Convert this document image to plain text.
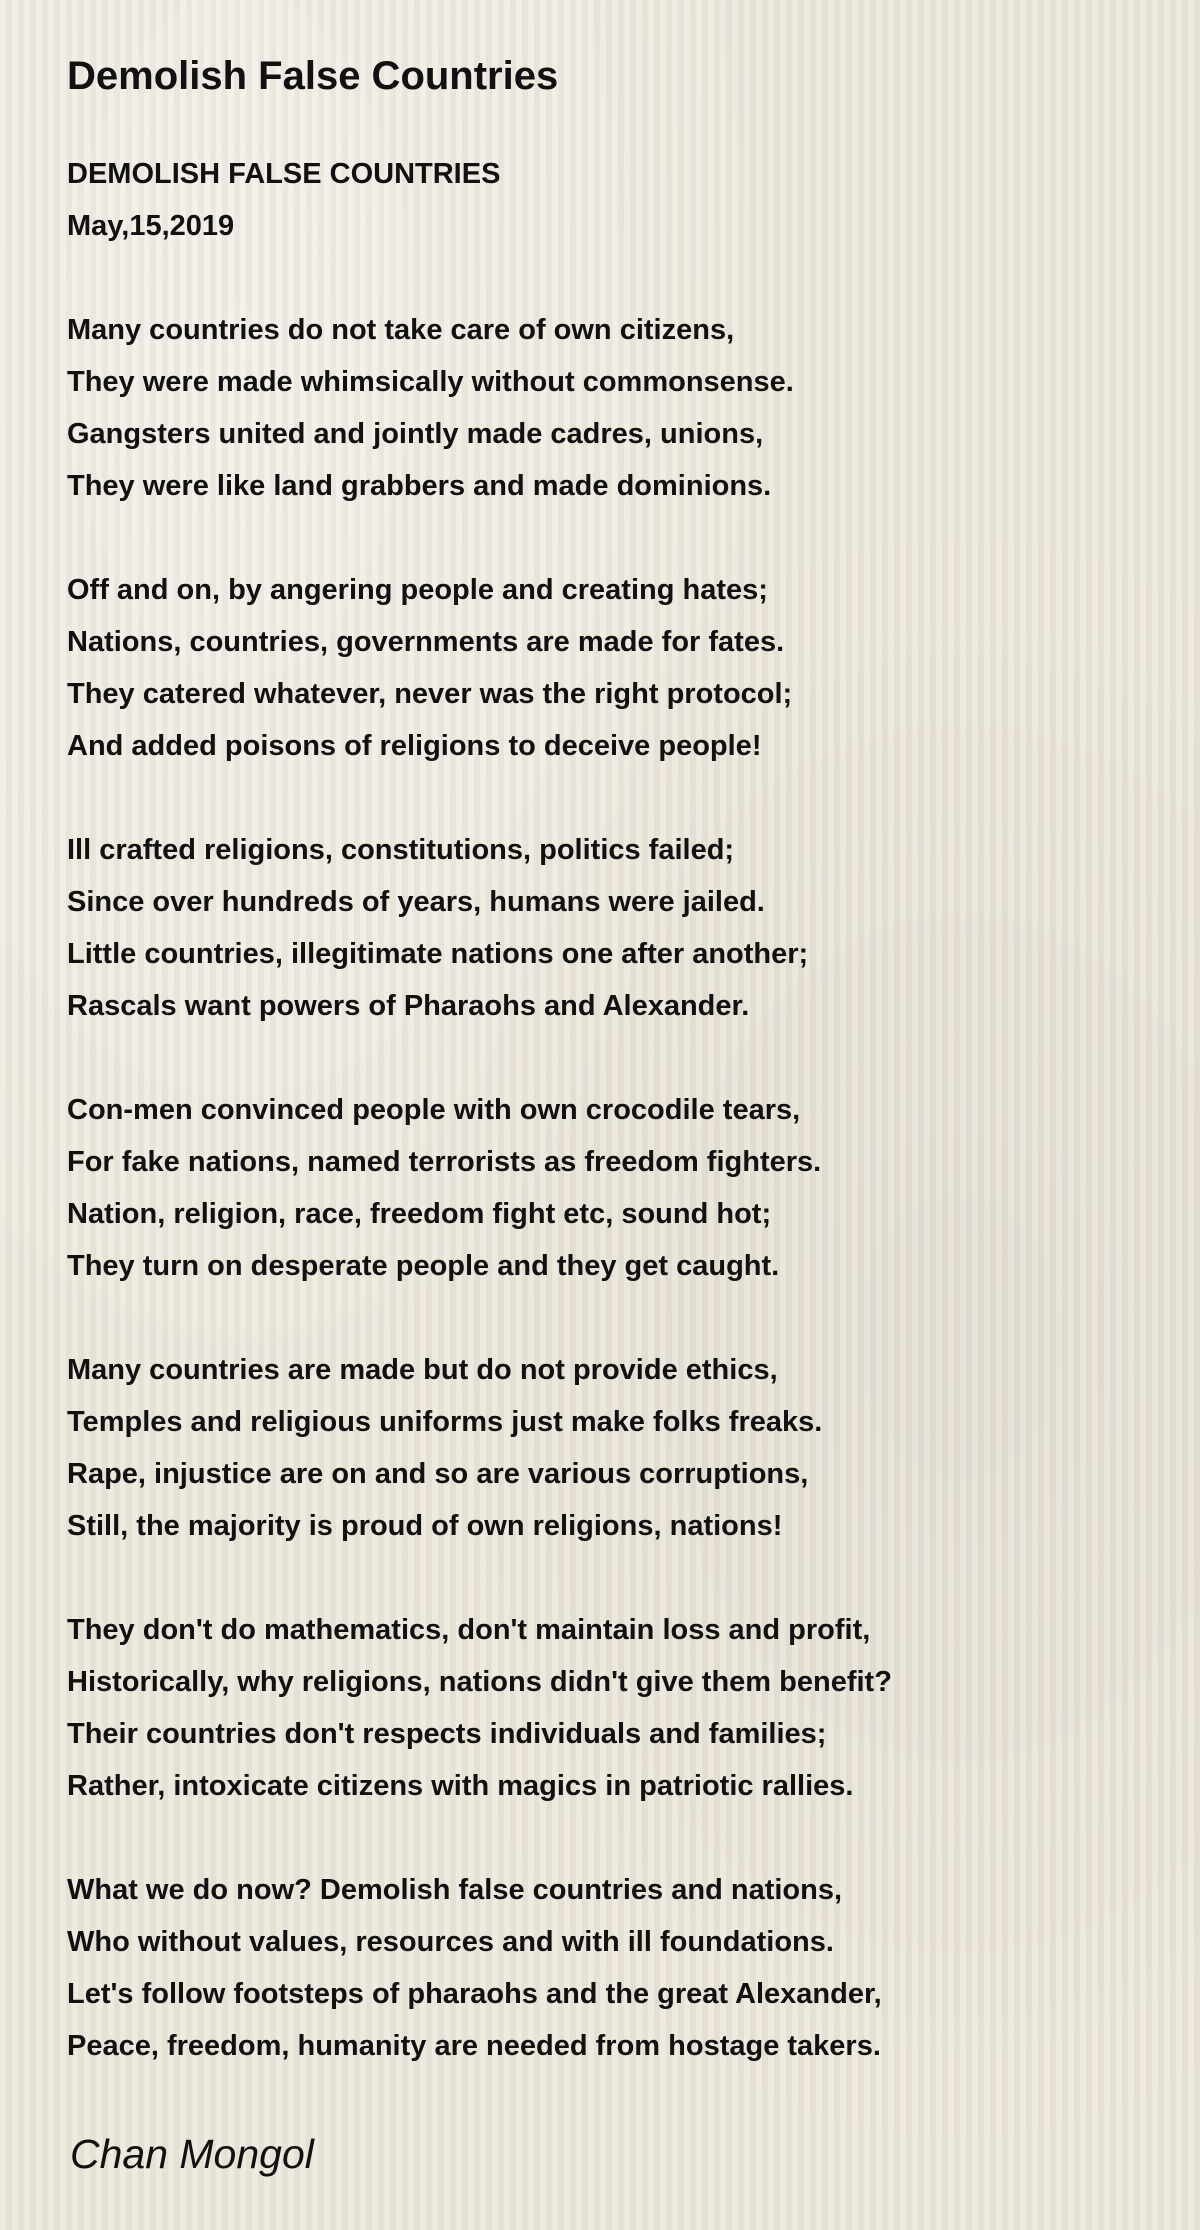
Demolish False Countries
DEMOLISH FALSE COUNTRIES
May,15,2019
Many countries do not take care of own citizens,
They were made whimsically without commonsense.
Gangsters united and jointly made cadres, unions,
They were like land grabbers and made dominions.
Off and on, by angering people and creating hates;
Nations, countries, governments are made for fates.
They catered whatever, never was the right protocol;
And added poisons of religions to deceive people!
Ill crafted religions, constitutions, politics failed;
Since over hundreds of years, humans were jailed.
Little countries, illegitimate nations one after another;
Rascals want powers of Pharaohs and Alexander.
Con-men convinced people with own crocodile tears,
For fake nations, named terrorists as freedom fighters.
Nation, religion, race, freedom fight etc, sound hot;
They turn on desperate people and they get caught.
Many countries are made but do not provide ethics,
Temples and religious uniforms just make folks freaks.
Rape, injustice are on and so are various corruptions,
Still, the majority is proud of own religions, nations!
They don't do mathematics, don't maintain loss and profit,
Historically, why religions, nations didn't give them benefit?
Their countries don't respects individuals and families;
Rather, intoxicate citizens with magics in patriotic rallies.
What we do now? Demolish false countries and nations,
Who without values, resources and with ill foundations.
Let's follow footsteps of pharaohs and the great Alexander,
Peace, freedom, humanity are needed from hostage takers.
Chan Mongol
